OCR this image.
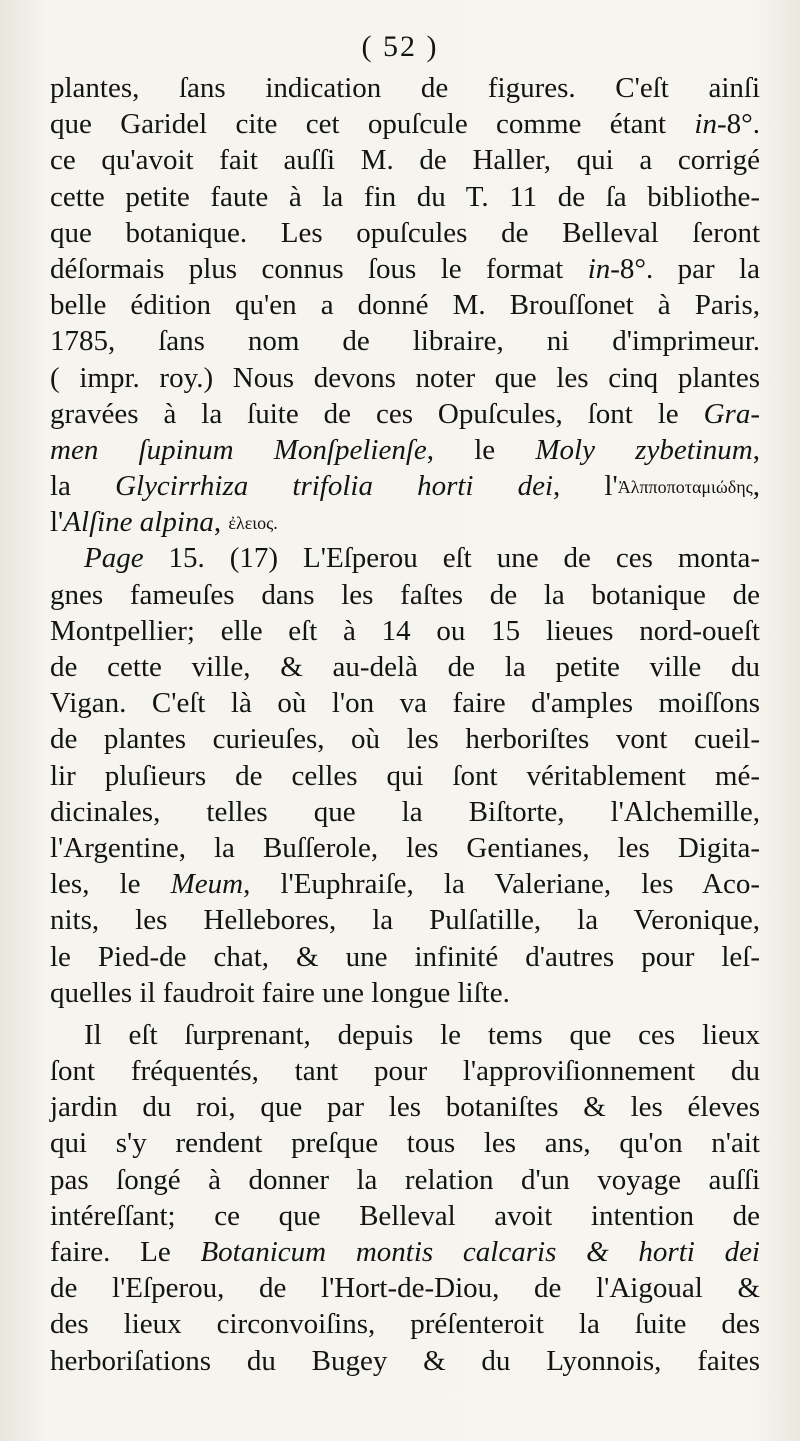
( 52 )
plantes, ſans indication de figures. C'eſt ainſi
que Garidel cite cet opuſcule comme étant in-8°.
ce qu'avoit fait auſſi M. de Haller, qui a corrigé
cette petite faute à la fin du T. 11 de ſa bibliothe-
que botanique. Les opuſcules de Belleval ſeront
déſormais plus connus ſous le format in-8°. par la
belle édition qu'en a donné M. Brouſſonet à Paris,
1785, ſans nom de libraire, ni d'imprimeur.
( impr. roy.) Nous devons noter que les cinq plantes
gravées à la ſuite de ces Opuſcules, ſont le Gra-
men ſupinum Monſpelienſe, le Moly zybetinum,
la Glycirrhiza trifolia horti dei, l'Ἀλπποποταμιώδης,
l'Alſine alpina, ἐλειος.
Page 15. (17) L'Eſperou eſt une de ces monta-
gnes fameuſes dans les faſtes de la botanique de
Montpellier; elle eſt à 14 ou 15 lieues nord-oueſt
de cette ville, & au-delà de la petite ville du
Vigan. C'eſt là où l'on va faire d'amples moiſſons
de plantes curieuſes, où les herboriſtes vont cueil-
lir pluſieurs de celles qui ſont véritablement mé-
dicinales, telles que la Biſtorte, l'Alchemille,
l'Argentine, la Buſſerole, les Gentianes, les Digita-
les, le Meum, l'Euphraiſe, la Valeriane, les Aco-
nits, les Hellebores, la Pulſatille, la Veronique,
le Pied-de chat, & une infinité d'autres pour leſ-
quelles il faudroit faire une longue liſte.
Il eſt ſurprenant, depuis le tems que ces lieux
ſont fréquentés, tant pour l'approviſionnement du
jardin du roi, que par les botaniſtes & les éleves
qui s'y rendent preſque tous les ans, qu'on n'ait
pas ſongé à donner la relation d'un voyage auſſi
intéreſſant; ce que Belleval avoit intention de
faire. Le Botanicum montis calcaris & horti dei
de l'Eſperou, de l'Hort-de-Diou, de l'Aigoual &
des lieux circonvoiſins, préſenteroit la ſuite des
herboriſations du Bugey & du Lyonnois, faites
